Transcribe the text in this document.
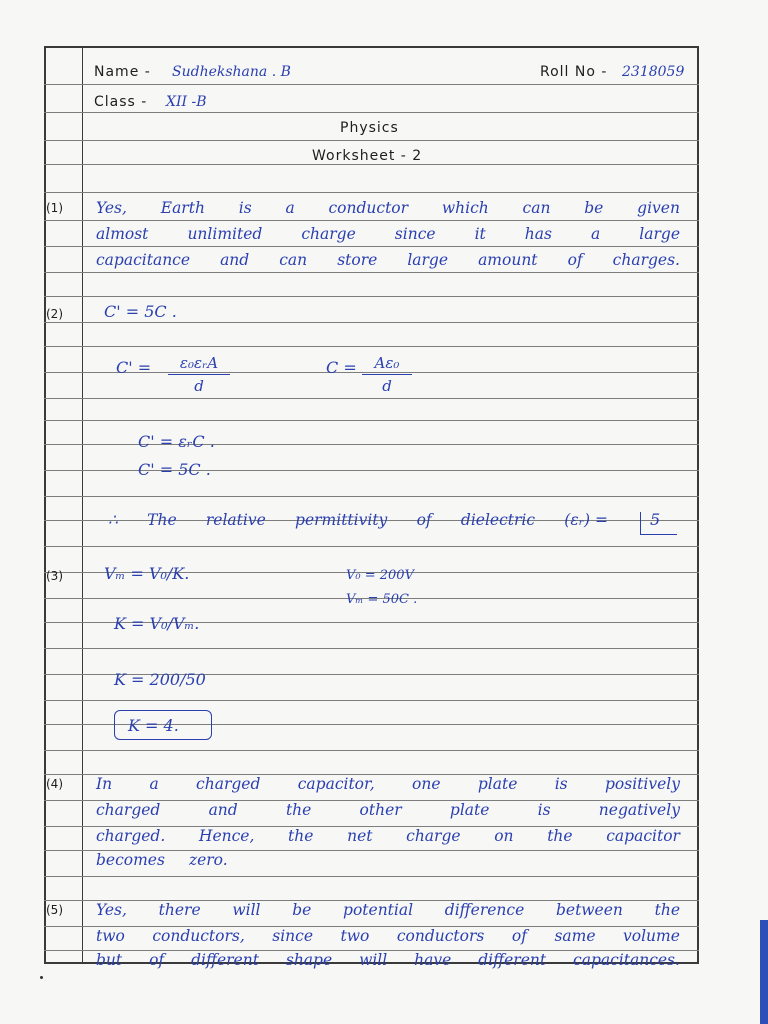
Name - Sudhekshana . B	Roll No - 2318059
Class - XII -B
Physics
Worksheet - 2
(1) Yes, Earth is a conductor which can be given
almost	unlimited	charge	since	it	has	a	large
capacitance and can store large amount of charges.
(2)	C' = 5C .
C' =	ε₀εᵣA
d
C =	Aε₀
d
C' = εᵣC .
C' = 5C .
∴ The relative permittivity of dielectric (εᵣ) =	5
(3)	Vₘ = V₀/K.	V₀ = 200V
Vₘ = 50C .
K = V₀/Vₘ.
K = 200/50
K = 4.
(4) In a charged capacitor, one plate is positively
charged	and	the	other	plate	is	negatively
charged. Hence, the net charge on the capacitor
becomes zero.
(5) Yes, there will be potential difference between the
two conductors, since two conductors of same volume
but of different shape will have different capacitances.
